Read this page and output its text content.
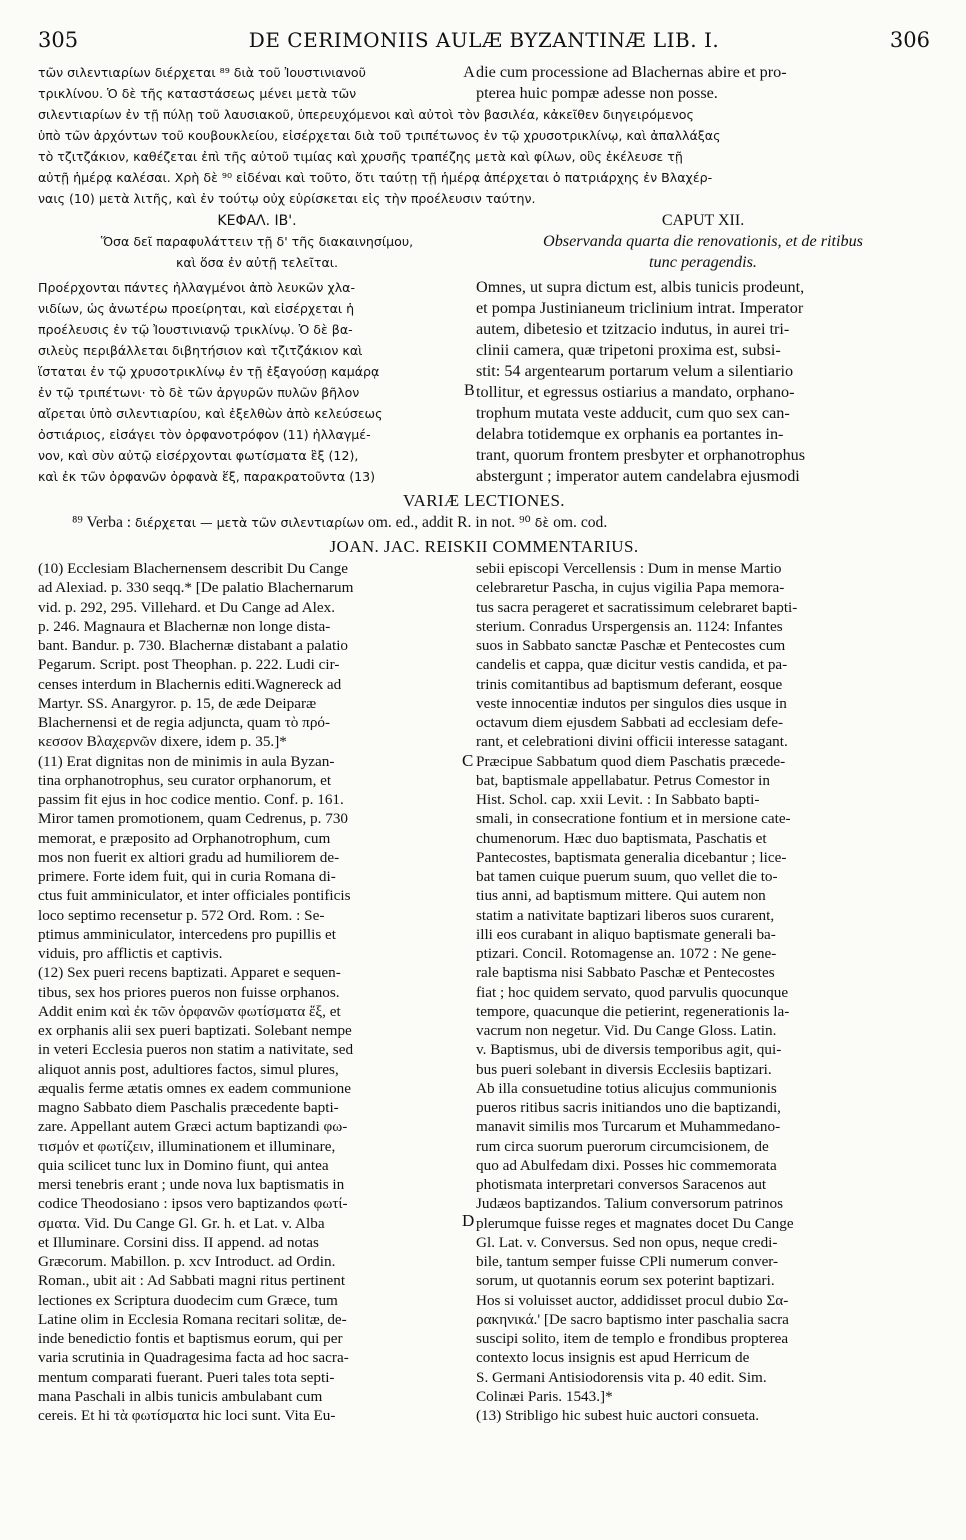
305	DE CERIMONIIS AULÆ BYZANTINÆ LIB. I.	306
τῶν σιλεντιαρίων διέρχεται ⁸⁹ διὰ τοῦ Ἰουστινιανοῦ	A die cum processione ad Blachernas abire et pro-
τρικλίνου. Ὁ δὲ τῆς καταστάσεως μένει μετὰ τῶν	pterea huic pompæ adesse non posse.
σιλεντιαρίων ἐν τῇ πύλῃ τοῦ λαυσιακοῦ, ὑπερευχόμενοι καὶ αὐτοὶ τὸν βασιλέα, κἀκεῖθεν διηγειρόμενος
ὑπὸ τῶν ἀρχόντων τοῦ κουβουκλείου, εἰσέρχεται διὰ τοῦ τριπέτωνος ἐν τῷ χρυσοτρικλίνῳ, καὶ ἀπαλλάξας
τὸ τζιτζάκιον, καθέζεται ἐπὶ τῆς αὐτοῦ τιμίας καὶ χρυσῆς τραπέζης μετὰ καὶ φίλων, οὓς ἐκέλευσε τῇ
αὐτῇ ἡμέρᾳ καλέσαι. Χρὴ δὲ ⁹⁰ εἰδέναι καὶ τοῦτο, ὅτι ταύτῃ τῇ ἡμέρᾳ ἀπέρχεται ὁ πατριάρχης ἐν Βλαχέρ-
ναις (10) μετὰ λιτῆς, καὶ ἐν τούτῳ οὐχ εὑρίσκεται εἰς τὴν προέλευσιν ταύτην.
ΚΕΦΑΛ. ΙΒ'.	CAPUT XII.
Ὅσα δεῖ παραφυλάττειν τῇ δ' τῆς διακαινησίμου,
καὶ ὅσα ἐν αὐτῇ τελεῖται.
Observanda quarta die renovationis, et de ritibus
tunc peragendis.
Προέρχονται πάντες ἠλλαγμένοι ἀπὸ λευκῶν χλα-
νιδίων, ὡς ἀνωτέρω προείρηται, καὶ εἰσέρχεται ἡ
προέλευσις ἐν τῷ Ἰουστινιανῷ τρικλίνῳ. Ὁ δὲ βα-
σιλεὺς περιβάλλεται διβητήσιον καὶ τζιτζάκιον καὶ
ἵσταται ἐν τῷ χρυσοτρικλίνῳ ἐν τῇ ἐξαγούσῃ καμάρᾳ
ἐν τῷ τριπέτωνι· τὸ δὲ τῶν ἀργυρῶν πυλῶν βῆλον
αἴρεται ὑπὸ σιλεντιαρίου, καὶ ἐξελθὼν ἀπὸ κελεύσεως
ὀστιάριος, εἰσάγει τὸν ὀρφανοτρόφον (11) ἠλλαγμέ-
νον, καὶ σὺν αὐτῷ εἰσέρχονται φωτίσματα ἓξ (12),
καὶ ἐκ τῶν ὀρφανῶν ὀρφανὰ ἕξ, παρακρατοῦντα (13)
B
Omnes, ut supra dictum est, albis tunicis prodeunt,
et pompa Justinianeum triclinium intrat. Imperator
autem, dibetesio et tzitzacio indutus, in aurei tri-
clinii camera, quæ tripetoni proxima est, subsi-
stit: 54 argentearum portarum velum a silentiario
tollitur, et egressus ostiarius a mandato, orphano-
trophum mutata veste adducit, cum quo sex can-
delabra totidemque ex orphanis ea portantes in-
trant, quorum frontem presbyter et orphanotrophus
abstergunt ; imperator autem candelabra ejusmodi
VARIÆ LECTIONES.
⁸⁹ Verba : διέρχεται — μετὰ τῶν σιλεντιαρίων om. ed., addit R. in not. ⁹⁰ δὲ om. cod.
JOAN. JAC. REISKII COMMENTARIUS.
(10) Ecclesiam Blachernensem describit Du Cange
ad Alexiad. p. 330 seqq.* [De palatio Blachernarum
vid. p. 292, 295. Villehard. et Du Cange ad Alex.
p. 246. Magnaura et Blachernæ non longe dista-
bant. Bandur. p. 730. Blachernæ distabant a palatio
Pegarum. Script. post Theophan. p. 222. Ludi cir-
censes interdum in Blachernis editi.Wagnereck ad
Martyr. SS. Anargyror. p. 15, de æde Deiparæ
Blachernensi et de regia adjuncta, quam τὸ πρό-
κεσσον Βλαχερνῶν dixere, idem p. 35.]*
(11) Erat dignitas non de minimis in aula Byzan-
tina orphanotrophus, seu curator orphanorum, et
passim fit ejus in hoc codice mentio. Conf. p. 161.
Miror tamen promotionem, quam Cedrenus, p. 730
memorat, e præposito ad Orphanotrophum, cum
mos non fuerit ex altiori gradu ad humiliorem de-
primere. Forte idem fuit, qui in curia Romana di-
ctus fuit amminiculator, et inter officiales pontificis
loco septimo recensetur p. 572 Ord. Rom. : Se-
ptimus amminiculator, intercedens pro pupillis et
viduis, pro afflictis et captivis.
(12) Sex pueri recens baptizati. Apparet e sequen-
tibus, sex hos priores pueros non fuisse orphanos.
Addit enim καὶ ἐκ τῶν ὀρφανῶν φωτίσματα ἕξ, et
ex orphanis alii sex pueri baptizati. Solebant nempe
in veteri Ecclesia pueros non statim a nativitate, sed
aliquot annis post, adultiores factos, simul plures,
æqualis ferme ætatis omnes ex eadem communione
magno Sabbato diem Paschalis præcedente bapti-
zare. Appellant autem Græci actum baptizandi φω-
τισμόν et φωτίζειν, illuminationem et illuminare,
quia scilicet tunc lux in Domino fiunt, qui antea
mersi tenebris erant ; unde nova lux baptismatis in
codice Theodosiano : ipsos vero baptizandos φωτί-
σματα. Vid. Du Cange Gl. Gr. h. et Lat. v. Alba
et Illuminare. Corsini diss. II append. ad notas
Græcorum. Mabillon. p. xcv Introduct. ad Ordin.
Roman., ubit ait : Ad Sabbati magni ritus pertinent
lectiones ex Scriptura duodecim cum Græce, tum
Latine olim in Ecclesia Romana recitari solitæ, de-
inde benedictio fontis et baptismus eorum, qui per
varia scrutinia in Quadragesima facta ad hoc sacra-
mentum comparati fuerant. Pueri tales tota septi-
mana Paschali in albis tunicis ambulabant cum
cereis. Et hi τὰ φωτίσματα hic loci sunt. Vita Eu-
C
D
sebii episcopi Vercellensis : Dum in mense Martio
celebraretur Pascha, in cujus vigilia Papa memora-
tus sacra perageret et sacratissimum celebraret bapti-
sterium. Conradus Urspergensis an. 1124: Infantes
suos in Sabbato sanctæ Paschæ et Pentecostes cum
candelis et cappa, quæ dicitur vestis candida, et pa-
trinis comitantibus ad baptismum deferant, eosque
veste innocentiæ indutos per singulos dies usque in
octavum diem ejusdem Sabbati ad ecclesiam defe-
rant, et celebrationi divini officii interesse satagant.
Præcipue Sabbatum quod diem Paschatis præcede-
bat, baptismale appellabatur. Petrus Comestor in
Hist. Schol. cap. xxii Levit. : In Sabbato bapti-
smali, in consecratione fontium et in mersione cate-
chumenorum. Hæc duo baptismata, Paschatis et
Pantecostes, baptismata generalia dicebantur ; lice-
bat tamen cuique puerum suum, quo vellet die to-
tius anni, ad baptismum mittere. Qui autem non
statim a nativitate baptizari liberos suos curarent,
illi eos curabant in aliquo baptismate generali ba-
ptizari. Concil. Rotomagense an. 1072 : Ne gene-
rale baptisma nisi Sabbato Paschæ et Pentecostes
fiat ; hoc quidem servato, quod parvulis quocunque
tempore, quacunque die petierint, regenerationis la-
vacrum non negetur. Vid. Du Cange Gloss. Latin.
v. Baptismus, ubi de diversis temporibus agit, qui-
bus pueri solebant in diversis Ecclesiis baptizari.
Ab illa consuetudine totius alicujus communionis
pueros ritibus sacris initiandos uno die baptizandi,
manavit similis mos Turcarum et Muhammedano-
rum circa suorum puerorum circumcisionem, de
quo ad Abulfedam dixi. Posses hic commemorata
photismata interpretari conversos Saracenos aut
Judæos baptizandos. Talium conversorum patrinos
plerumque fuisse reges et magnates docet Du Cange
Gl. Lat. v. Conversus. Sed non opus, neque credi-
bile, tantum semper fuisse CPli numerum conver-
sorum, ut quotannis eorum sex poterint baptizari.
Hos si voluisset auctor, addidisset procul dubio Σα-
ρακηνικά.' [De sacro baptismo inter paschalia sacra
suscipi solito, item de templo e frondibus propterea
contexto locus insignis est apud Herricum de
S. Germani Antisiodorensis vita p. 40 edit. Sim.
Colinæi Paris. 1543.]*
(13) Stribligo hic subest huic auctori consueta.
